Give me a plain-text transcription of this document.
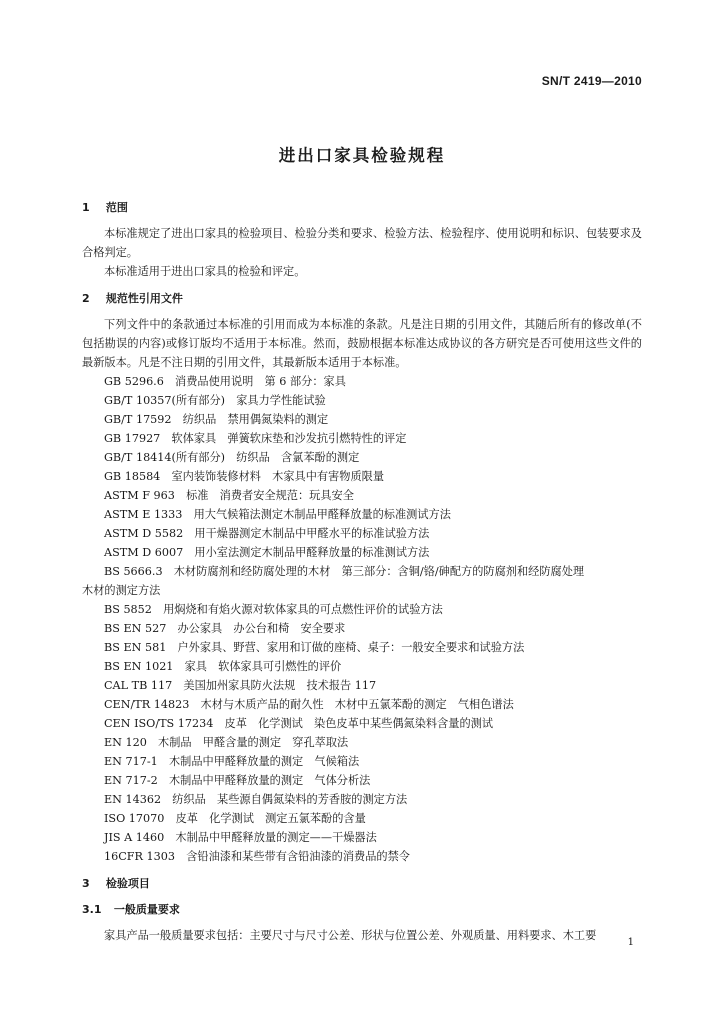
SN/T 2419—2010
进出口家具检验规程
1 范围
本标准规定了进出口家具的检验项目、检验分类和要求、检验方法、检验程序、使用说明和标识、包装要求及合格判定。
本标准适用于进出口家具的检验和评定。
2 规范性引用文件
下列文件中的条款通过本标准的引用而成为本标准的条款。凡是注日期的引用文件，其随后所有的修改单(不包括勘误的内容)或修订版均不适用于本标准。然而，鼓励根据本标准达成协议的各方研究是否可使用这些文件的最新版本。凡是不注日期的引用文件，其最新版本适用于本标准。
GB 5296.6　消费品使用说明　第 6 部分：家具
GB/T 10357(所有部分)　家具力学性能试验
GB/T 17592　纺织品　禁用偶氮染料的测定
GB 17927　软体家具　弹簧软床垫和沙发抗引燃特性的评定
GB/T 18414(所有部分)　纺织品　含氯苯酚的测定
GB 18584　室内装饰装修材料　木家具中有害物质限量
ASTM F 963　标准　消费者安全规范：玩具安全
ASTM E 1333　用大气候箱法测定木制品甲醛释放量的标准测试方法
ASTM D 5582　用干燥器测定木制品中甲醛水平的标准试验方法
ASTM D 6007　用小室法测定木制品甲醛释放量的标准测试方法
BS 5666.3　木材防腐剂和经防腐处理的木材　第三部分：含铜/铬/砷配方的防腐剂和经防腐处理
木材的测定方法
BS 5852　用焖烧和有焰火源对软体家具的可点燃性评价的试验方法
BS EN 527　办公家具　办公台和椅　安全要求
BS EN 581　户外家具、野营、家用和订做的座椅、桌子：一般安全要求和试验方法
BS EN 1021　家具　软体家具可引燃性的评价
CAL TB 117　美国加州家具防火法规　技术报告 117
CEN/TR 14823　木材与木质产品的耐久性　木材中五氯苯酚的测定　气相色谱法
CEN ISO/TS 17234　皮革　化学测试　染色皮革中某些偶氮染料含量的测试
EN 120　木制品　甲醛含量的测定　穿孔萃取法
EN 717-1　木制品中甲醛释放量的测定　气候箱法
EN 717-2　木制品中甲醛释放量的测定　气体分析法
EN 14362　纺织品　某些源自偶氮染料的芳香胺的测定方法
ISO 17070　皮革　化学测试　测定五氯苯酚的含量
JIS A 1460　木制品中甲醛释放量的测定——干燥器法
16CFR 1303　含铅油漆和某些带有含铅油漆的消费品的禁令
3 检验项目
3.1 一般质量要求
家具产品一般质量要求包括：主要尺寸与尺寸公差、形状与位置公差、外观质量、用料要求、木工要
1
